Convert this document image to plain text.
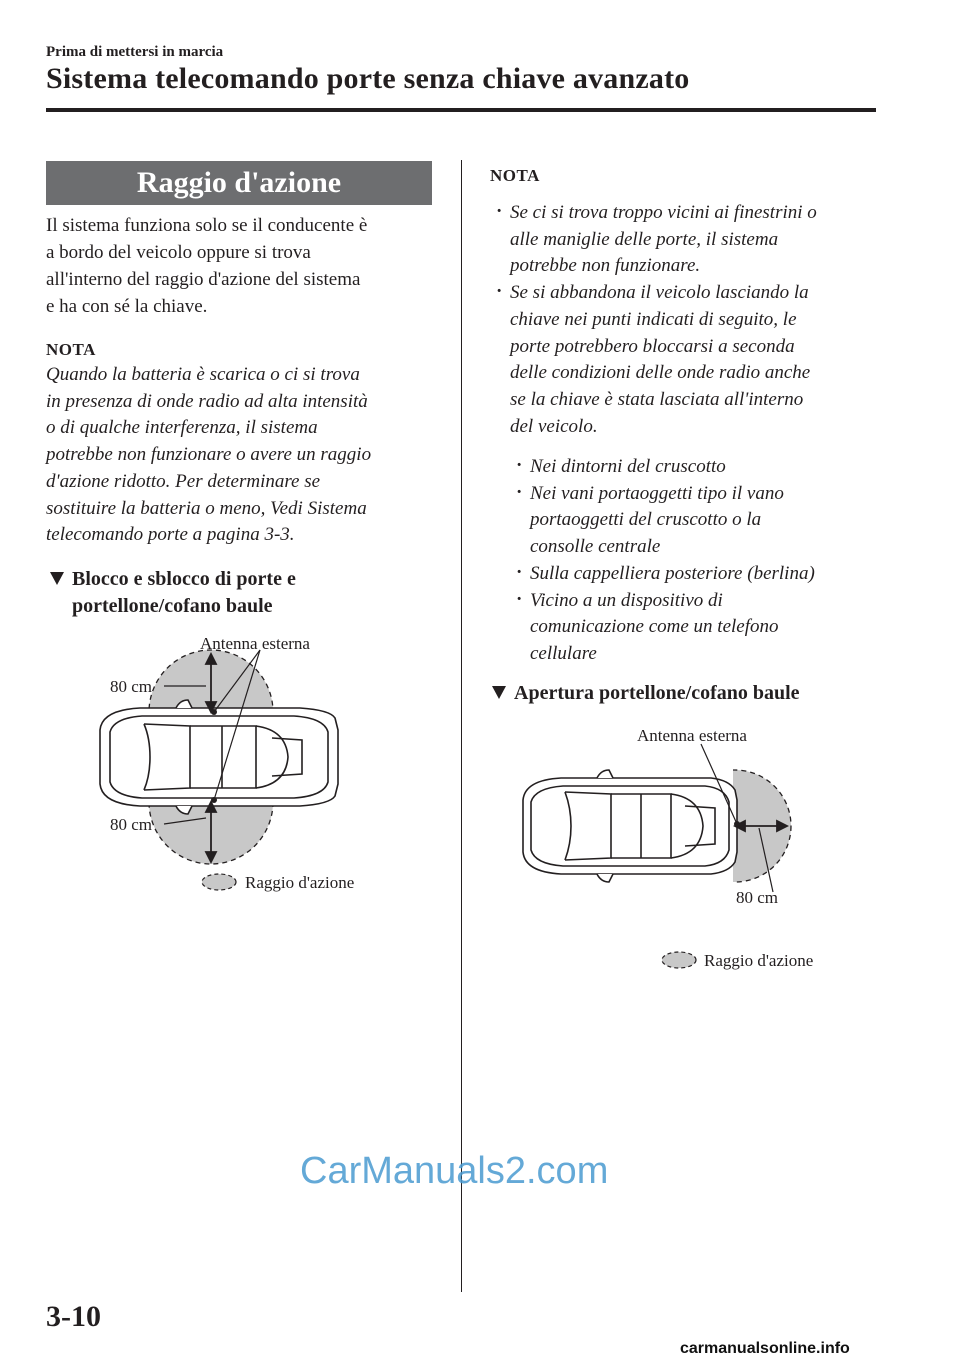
Prima di mettersi in marcia
Sistema telecomando porte senza chiave avanzato
Raggio d'azione
Il sistema funziona solo se il conducente è
a bordo del veicolo oppure si trova
all'interno del raggio d'azione del sistema
e ha con sé la chiave.
NOTA
Quando la batteria è scarica o ci si trova
in presenza di onde radio ad alta intensità
o di qualche interferenza, il sistema
potrebbe non funzionare o avere un raggio
d'azione ridotto. Per determinare se
sostituire la batteria o meno, Vedi Sistema
telecomando porte a pagina 3-3.
Blocco e sblocco di porte e
portellone/cofano baule
Antenna esterna
80 cm
80 cm
Raggio d'azione
NOTA
· Se ci si trova troppo vicini ai finestrini o
alle maniglie delle porte, il sistema
potrebbe non funzionare.
· Se si abbandona il veicolo lasciando la
chiave nei punti indicati di seguito, le
porte potrebbero bloccarsi a seconda
delle condizioni delle onde radio anche
se la chiave è stata lasciata all'interno
del veicolo.
· Nei dintorni del cruscotto
· Nei vani portaoggetti tipo il vano
portaoggetti del cruscotto o la
consolle centrale
· Sulla cappelliera posteriore (berlina)
· Vicino a un dispositivo di
comunicazione come un telefono
cellulare
Apertura portellone/cofano baule
Antenna esterna
80 cm
Raggio d'azione
3-10
CarManuals2.com
carmanualsonline.info
